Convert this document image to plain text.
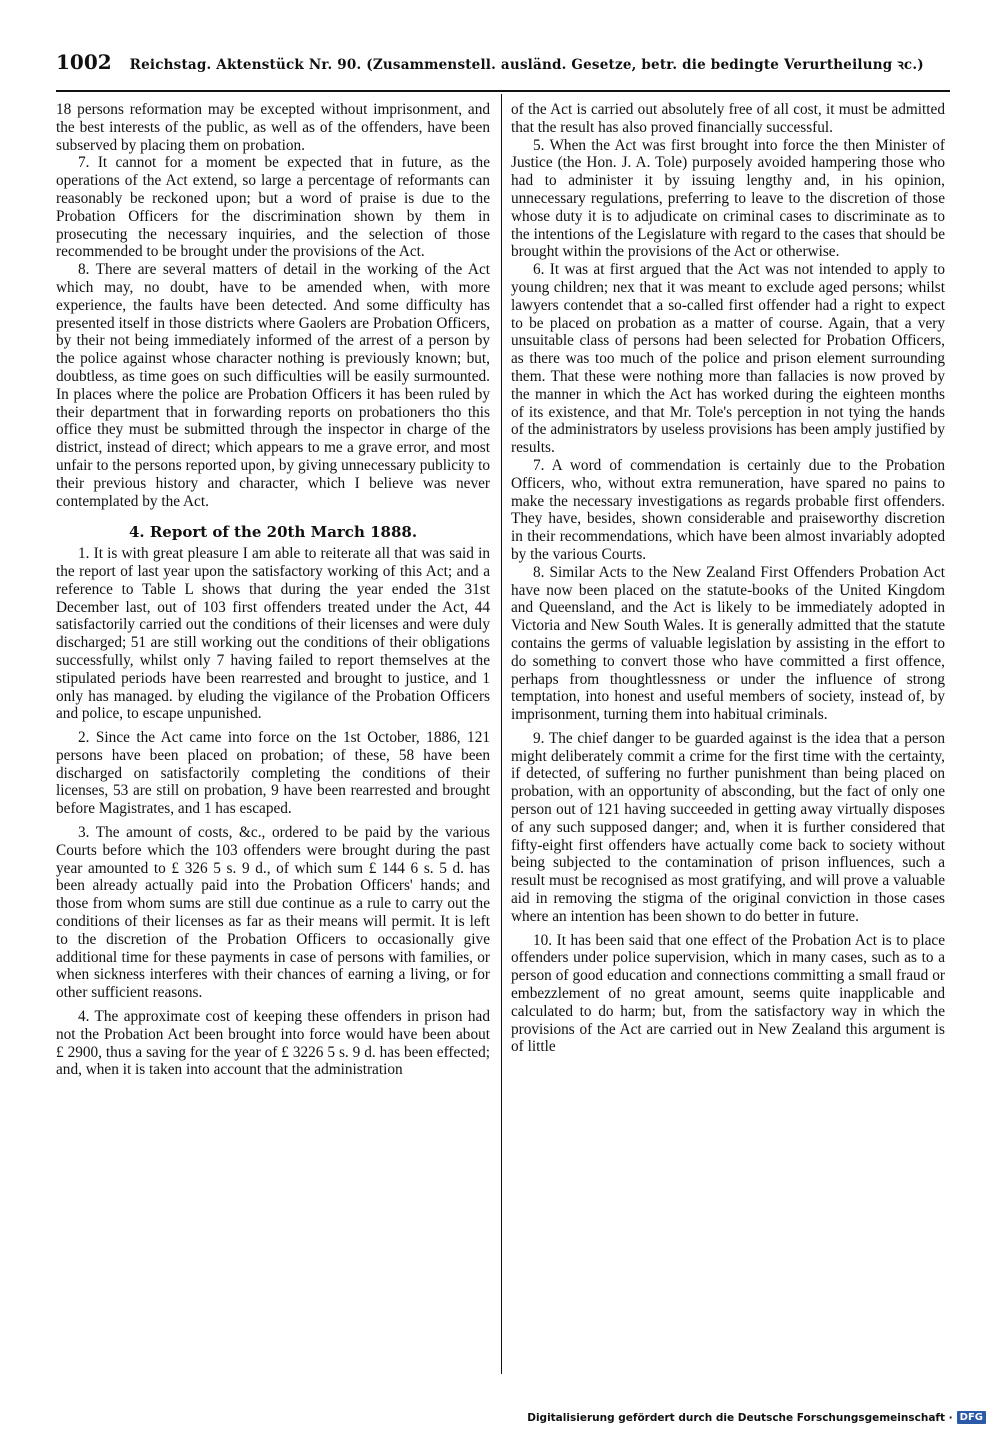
1002 Reichstag. Aktenstück Nr. 90. (Zusammenstell. ausländ. Gesetze, betr. die bedingte Verurtheilung ꝛc.)

18 persons reformation may be excepted without imprisonment, and the best interests of the public, as well as of the offenders, have been subserved by placing them on probation.

7. It cannot for a moment be expected that in future, as the operations of the Act extend, so large a percentage of reformants can reasonably be reckoned upon; but a word of praise is due to the Probation Officers for the discrimination shown by them in prosecuting the necessary inquiries, and the selection of those recommended to be brought under the provisions of the Act.

8. There are several matters of detail in the working of the Act which may, no doubt, have to be amended when, with more experience, the faults have been detected. And some difficulty has presented itself in those districts where Gaolers are Probation Officers, by their not being immediately informed of the arrest of a person by the police against whose character nothing is previously known; but, doubtless, as time goes on such difficulties will be easily surmounted. In places where the police are Probation Officers it has been ruled by their department that in forwarding reports on probationers tho this office they must be submitted through the inspector in charge of the district, instead of direct; which appears to me a grave error, and most unfair to the persons reported upon, by giving unnecessary publicity to their previous history and character, which I believe was never contemplated by the Act.

4. Report of the 20th March 1888.

1. It is with great pleasure I am able to reiterate all that was said in the report of last year upon the satisfactory working of this Act; and a reference to Table L shows that during the year ended the 31st December last, out of 103 first offenders treated under the Act, 44 satisfactorily carried out the conditions of their licenses and were duly discharged; 51 are still working out the conditions of their obligations successfully, whilst only 7 having failed to report themselves at the stipulated periods have been rearrested and brought to justice, and 1 only has managed. by eluding the vigilance of the Probation Officers and police, to escape unpunished.

2. Since the Act came into force on the 1st October, 1886, 121 persons have been placed on probation; of these, 58 have been discharged on satisfactorily completing the conditions of their licenses, 53 are still on probation, 9 have been rearrested and brought before Magistrates, and 1 has escaped.

3. The amount of costs, &c., ordered to be paid by the various Courts before which the 103 offenders were brought during the past year amounted to £ 326 5 s. 9 d., of which sum £ 144 6 s. 5 d. has been already actually paid into the Probation Officers' hands; and those from whom sums are still due continue as a rule to carry out the conditions of their licenses as far as their means will permit. It is left to the discretion of the Probation Officers to occasionally give additional time for these payments in case of persons with families, or when sickness interferes with their chances of earning a living, or for other sufficient reasons.

4. The approximate cost of keeping these offenders in prison had not the Probation Act been brought into force would have been about £ 2900, thus a saving for the year of £ 3226 5 s. 9 d. has been effected; and, when it is taken into account that the administration

of the Act is carried out absolutely free of all cost, it must be admitted that the result has also proved financially successful.

5. When the Act was first brought into force the then Minister of Justice (the Hon. J. A. Tole) purposely avoided hampering those who had to administer it by issuing lengthy and, in his opinion, unnecessary regulations, preferring to leave to the discretion of those whose duty it is to adjudicate on criminal cases to discriminate as to the intentions of the Legislature with regard to the cases that should be brought within the provisions of the Act or otherwise.

6. It was at first argued that the Act was not intended to apply to young children; nex that it was meant to exclude aged persons; whilst lawyers contendet that a so-called first offender had a right to expect to be placed on probation as a matter of course. Again, that a very unsuitable class of persons had been selected for Probation Officers, as there was too much of the police and prison element surrounding them. That these were nothing more than fallacies is now proved by the manner in which the Act has worked during the eighteen months of its existence, and that Mr. Tole's perception in not tying the hands of the administrators by useless provisions has been amply justified by results.

7. A word of commendation is certainly due to the Probation Officers, who, without extra remuneration, have spared no pains to make the necessary investigations as regards probable first offenders. They have, besides, shown considerable and praiseworthy discretion in their recommendations, which have been almost invariably adopted by the various Courts.

8. Similar Acts to the New Zealand First Offenders Probation Act have now been placed on the statute-books of the United Kingdom and Queensland, and the Act is likely to be immediately adopted in Victoria and New South Wales. It is generally admitted that the statute contains the germs of valuable legislation by assisting in the effort to do something to convert those who have committed a first offence, perhaps from thoughtlessness or under the influence of strong temptation, into honest and useful members of society, instead of, by imprisonment, turning them into habitual criminals.

9. The chief danger to be guarded against is the idea that a person might deliberately commit a crime for the first time with the certainty, if detected, of suffering no further punishment than being placed on probation, with an opportunity of absconding, but the fact of only one person out of 121 having succeeded in getting away virtually disposes of any such supposed danger; and, when it is further considered that fifty-eight first offenders have actually come back to society without being subjected to the contamination of prison influences, such a result must be recognised as most gratifying, and will prove a valuable aid in removing the stigma of the original conviction in those cases where an intention has been shown to do better in future.

10. It has been said that one effect of the Probation Act is to place offenders under police supervision, which in many cases, such as to a person of good education and connections committing a small fraud or embezzlement of no great amount, seems quite inapplicable and calculated to do harm; but, from the satisfactory way in which the provisions of the Act are carried out in New Zealand this argument is of little

Digitalisierung gefördert durch die Deutsche Forschungsgemeinschaft · DFG
